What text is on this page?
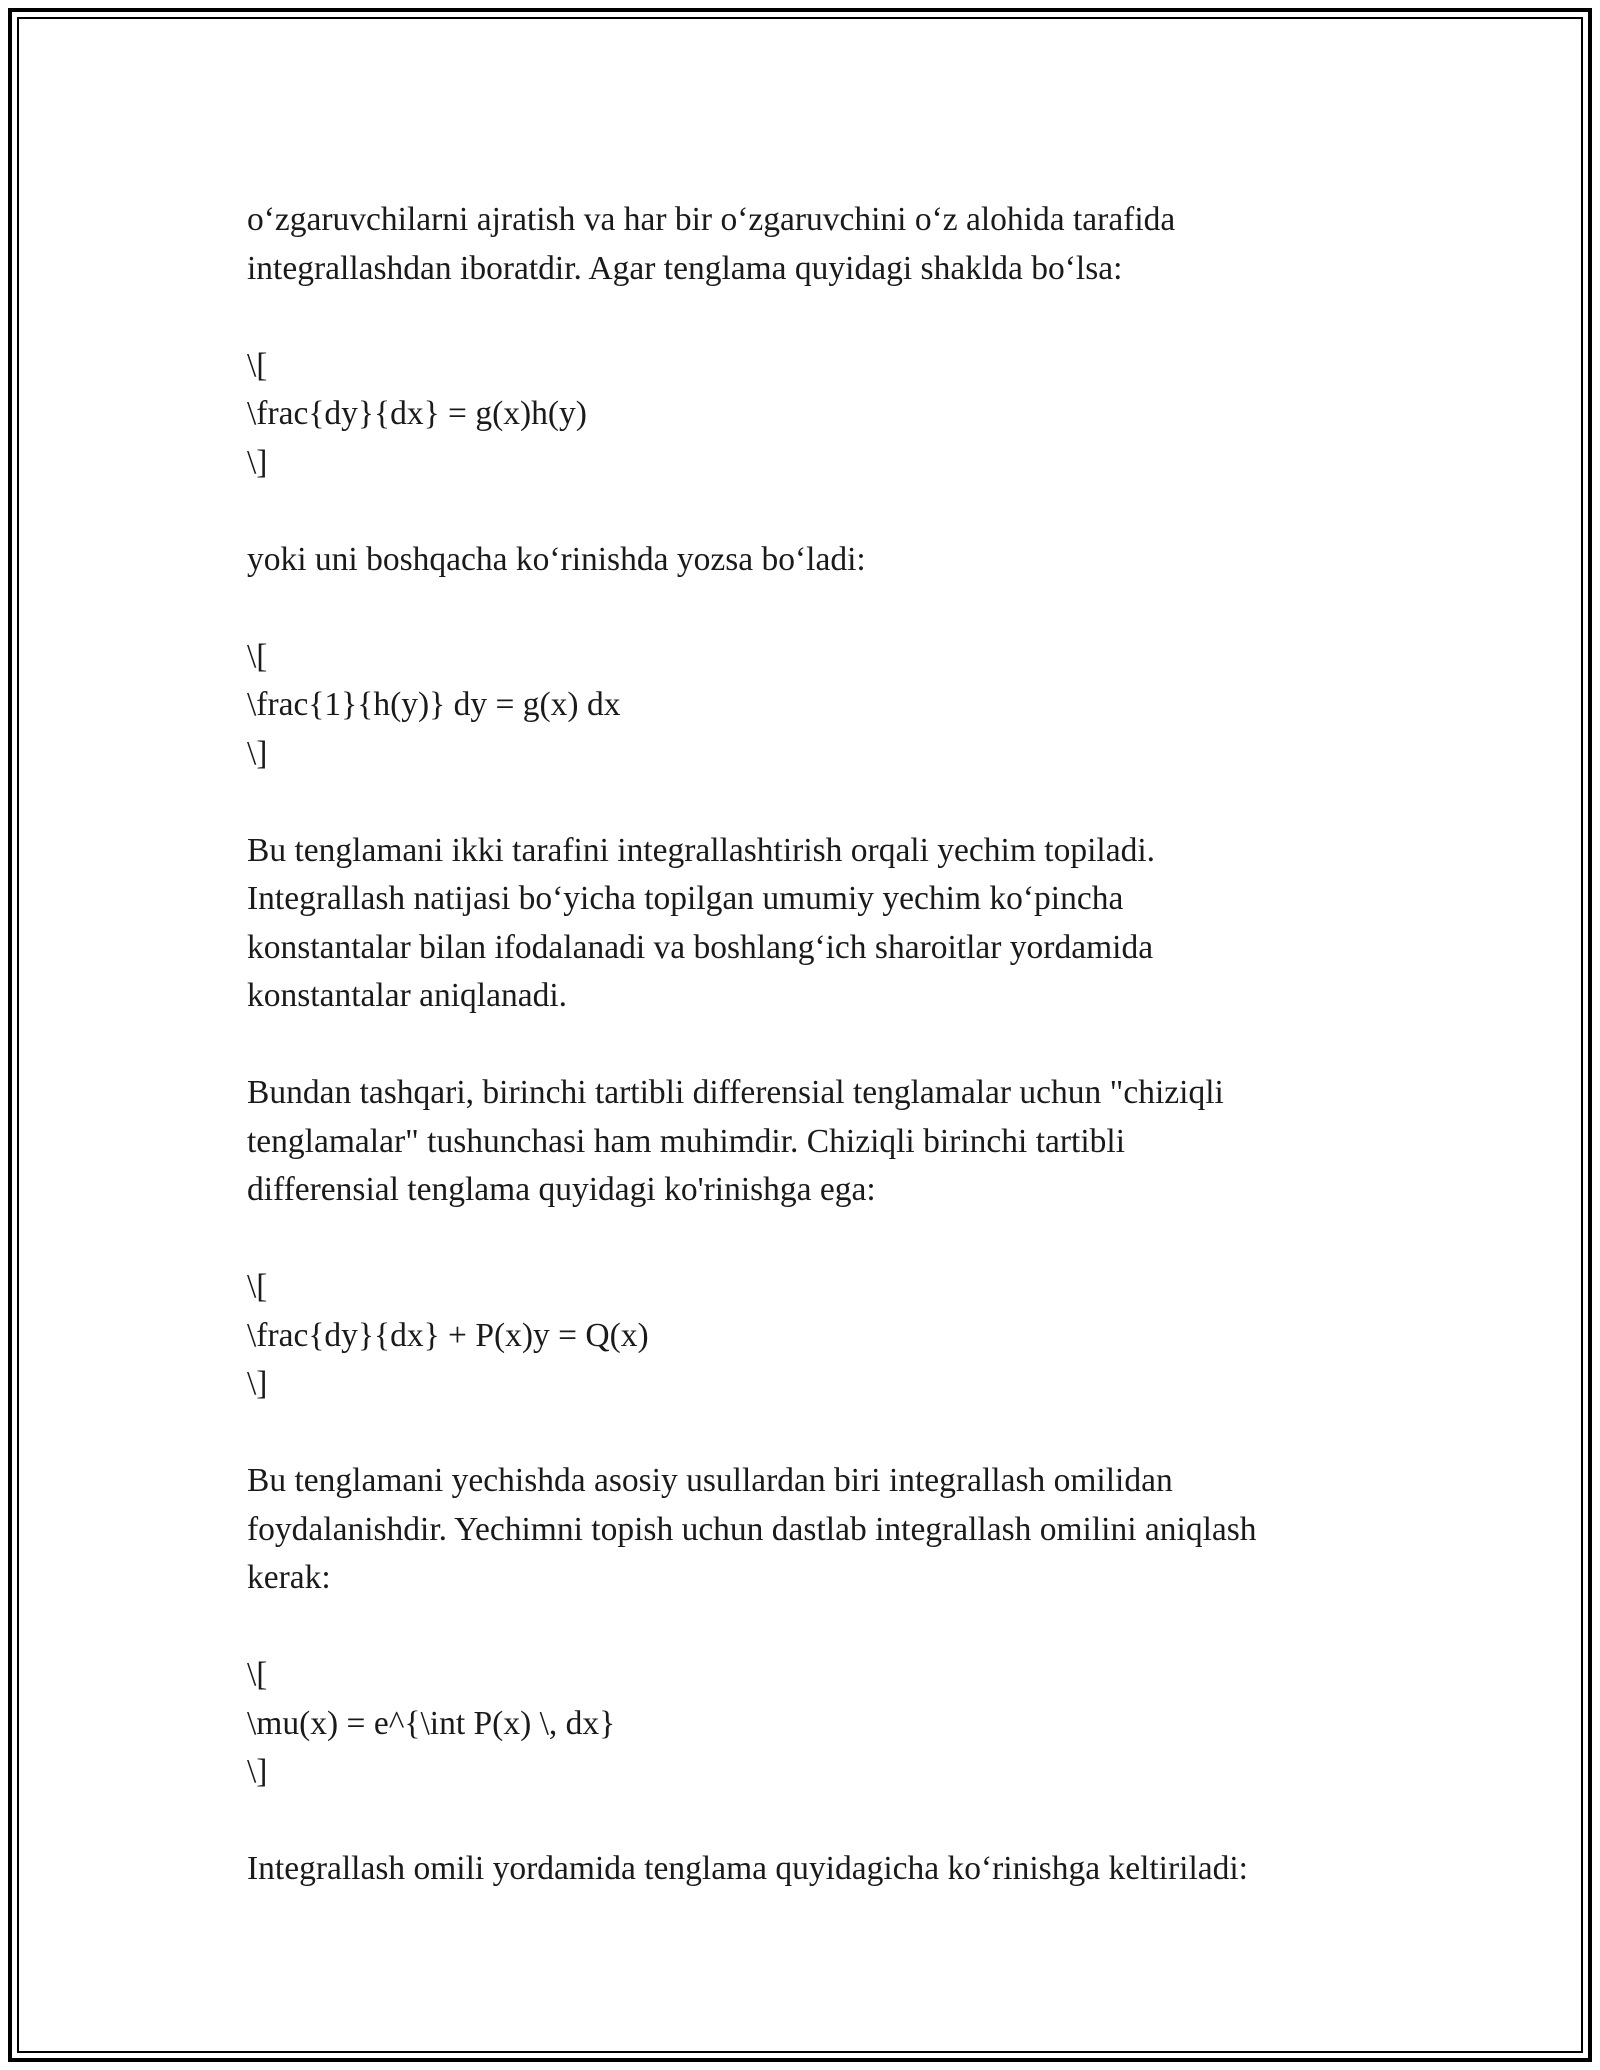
oʻzgaruvchilarni ajratish va har bir oʻzgaruvchini oʻz alohida tarafida
integrallashdan iboratdir. Agar tenglama quyidagi shaklda boʻlsa:
\[
\frac{dy}{dx} = g(x)h(y)
\]
yoki uni boshqacha koʻrinishda yozsa boʻladi:
\[
\frac{1}{h(y)} dy = g(x) dx
\]
Bu tenglamani ikki tarafini integrallashtirish orqali yechim topiladi.
Integrallash natijasi boʻyicha topilgan umumiy yechim koʻpincha
konstantalar bilan ifodalanadi va boshlangʻich sharoitlar yordamida
konstantalar aniqlanadi.
Bundan tashqari, birinchi tartibli differensial tenglamalar uchun "chiziqli
tenglamalar" tushunchasi ham muhimdir. Chiziqli birinchi tartibli
differensial tenglama quyidagi ko'rinishga ega:
\[
\frac{dy}{dx} + P(x)y = Q(x)
\]
Bu tenglamani yechishda asosiy usullardan biri integrallash omilidan
foydalanishdir. Yechimni topish uchun dastlab integrallash omilini aniqlash
kerak:
\[
\mu(x) = e^{\int P(x) \, dx}
\]
Integrallash omili yordamida tenglama quyidagicha koʻrinishga keltiriladi:
